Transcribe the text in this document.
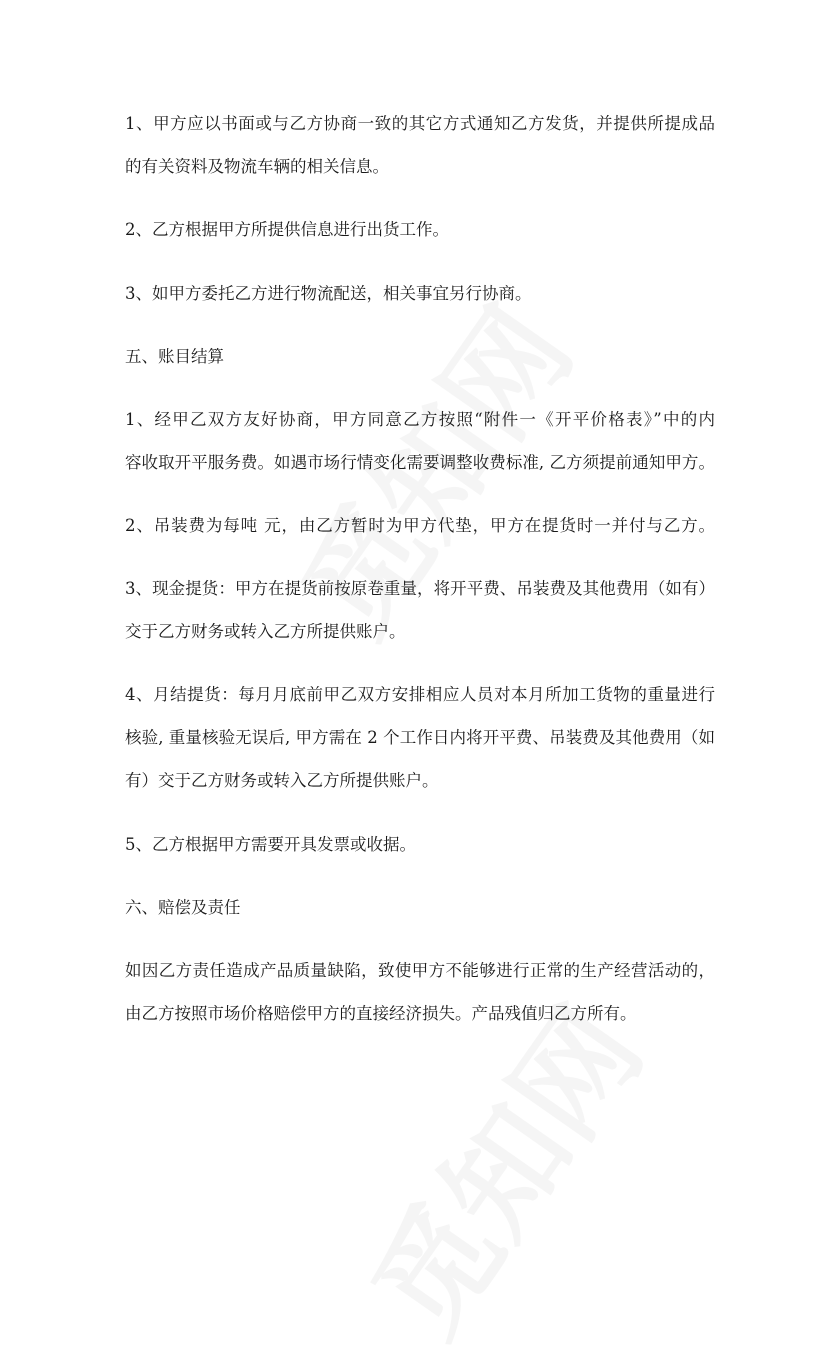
1、甲方应以书面或与乙方协商一致的其它方式通知乙方发货，并提供所提成品
的有关资料及物流车辆的相关信息。
2、乙方根据甲方所提供信息进行出货工作。
3、如甲方委托乙方进行物流配送，相关事宜另行协商。
五、账目结算
1、经甲乙双方友好协商，甲方同意乙方按照“附件一《开平价格表》”中的内
容收取开平服务费。如遇市场行情变化需要调整收费标准, 乙方须提前通知甲方。
2、吊装费为每吨 元，由乙方暂时为甲方代垫，甲方在提货时一并付与乙方。
3、现金提货：甲方在提货前按原卷重量，将开平费、吊装费及其他费用（如有）
交于乙方财务或转入乙方所提供账户。
4、月结提货：每月月底前甲乙双方安排相应人员对本月所加工货物的重量进行
核验, 重量核验无误后, 甲方需在 2 个工作日内将开平费、吊装费及其他费用（如
有）交于乙方财务或转入乙方所提供账户。
5、乙方根据甲方需要开具发票或收据。
六、赔偿及责任
如因乙方责任造成产品质量缺陷，致使甲方不能够进行正常的生产经营活动的，
由乙方按照市场价格赔偿甲方的直接经济损失。产品残值归乙方所有。
